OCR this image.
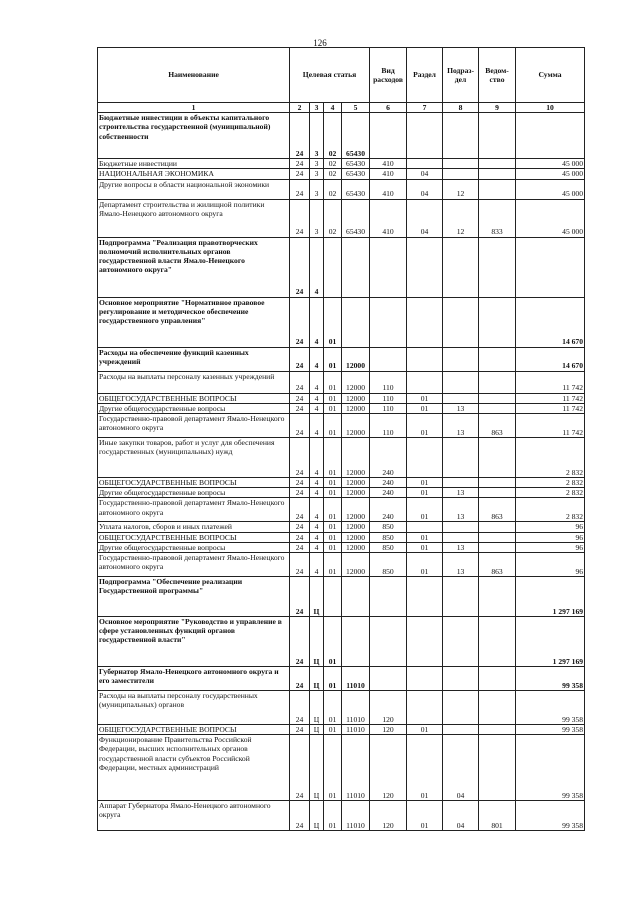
126
Наименование	Целевая статья				Вид расходов	Раздел	Подраз-дел	Ведом-ство	Сумма
1	2	3	4	5	6	7	8	9	10
Бюджетные инвестиции в объекты капитального строительства государственной (муниципальной) собственности	24	3	02	65430					
Бюджетные инвестиции	24	3	02	65430	410				45 000
НАЦИОНАЛЬНАЯ ЭКОНОМИКА	24	3	02	65430	410	04			45 000
Другие вопросы в области национальной экономики	24	3	02	65430	410	04	12		45 000
Департамент строительства и жилищной политики Ямало-Ненецкого автономного округа	24	3	02	65430	410	04	12	833	45 000
Подпрограмма "Реализация правотворческих полномочий исполнительных органов государственной власти Ямало-Ненецкого автономного округа"	24	4							
Основное мероприятие "Нормативное правовое регулирование и методическое обеспечение государственного управления"	24	4	01						14 670
Расходы на обеспечение функций казенных учреждений	24	4	01	12000					14 670
Расходы на выплаты персоналу казенных учреждений	24	4	01	12000	110				11 742
ОБЩЕГОСУДАРСТВЕННЫЕ ВОПРОСЫ	24	4	01	12000	110	01			11 742
Другие общегосударственные вопросы	24	4	01	12000	110	01	13		11 742
Государственно-правовой департамент Ямало-Ненецкого автономного округа	24	4	01	12000	110	01	13	863	11 742
Иные закупки товаров, работ и услуг для обеспечения государственных (муниципальных) нужд	24	4	01	12000	240				2 832
ОБЩЕГОСУДАРСТВЕННЫЕ ВОПРОСЫ	24	4	01	12000	240	01			2 832
Другие общегосударственные вопросы	24	4	01	12000	240	01	13		2 832
Государственно-правовой департамент Ямало-Ненецкого автономного округа	24	4	01	12000	240	01	13	863	2 832
Уплата налогов, сборов и иных платежей	24	4	01	12000	850				96
ОБЩЕГОСУДАРСТВЕННЫЕ ВОПРОСЫ	24	4	01	12000	850	01			96
Другие общегосударственные вопросы	24	4	01	12000	850	01	13		96
Государственно-правовой департамент Ямало-Ненецкого автономного округа	24	4	01	12000	850	01	13	863	96
Подпрограмма "Обеспечение реализации Государственной программы"	24	Ц							1 297 169
Основное мероприятие "Руководство и управление в сфере установленных функций органов государственной власти"	24	Ц	01						1 297 169
Губернатор Ямало-Ненецкого автономного округа и его заместители	24	Ц	01	11010					99 358
Расходы на выплаты персоналу государственных (муниципальных) органов	24	Ц	01	11010	120				99 358
ОБЩЕГОСУДАРСТВЕННЫЕ ВОПРОСЫ	24	Ц	01	11010	120	01			99 358
Функционирование Правительства Российской Федерации, высших исполнительных органов государственной власти субъектов Российской Федерации, местных администраций	24	Ц	01	11010	120	01	04		99 358
Аппарат Губернатора Ямало-Ненецкого автономного округа	24	Ц	01	11010	120	01	04	801	99 358
